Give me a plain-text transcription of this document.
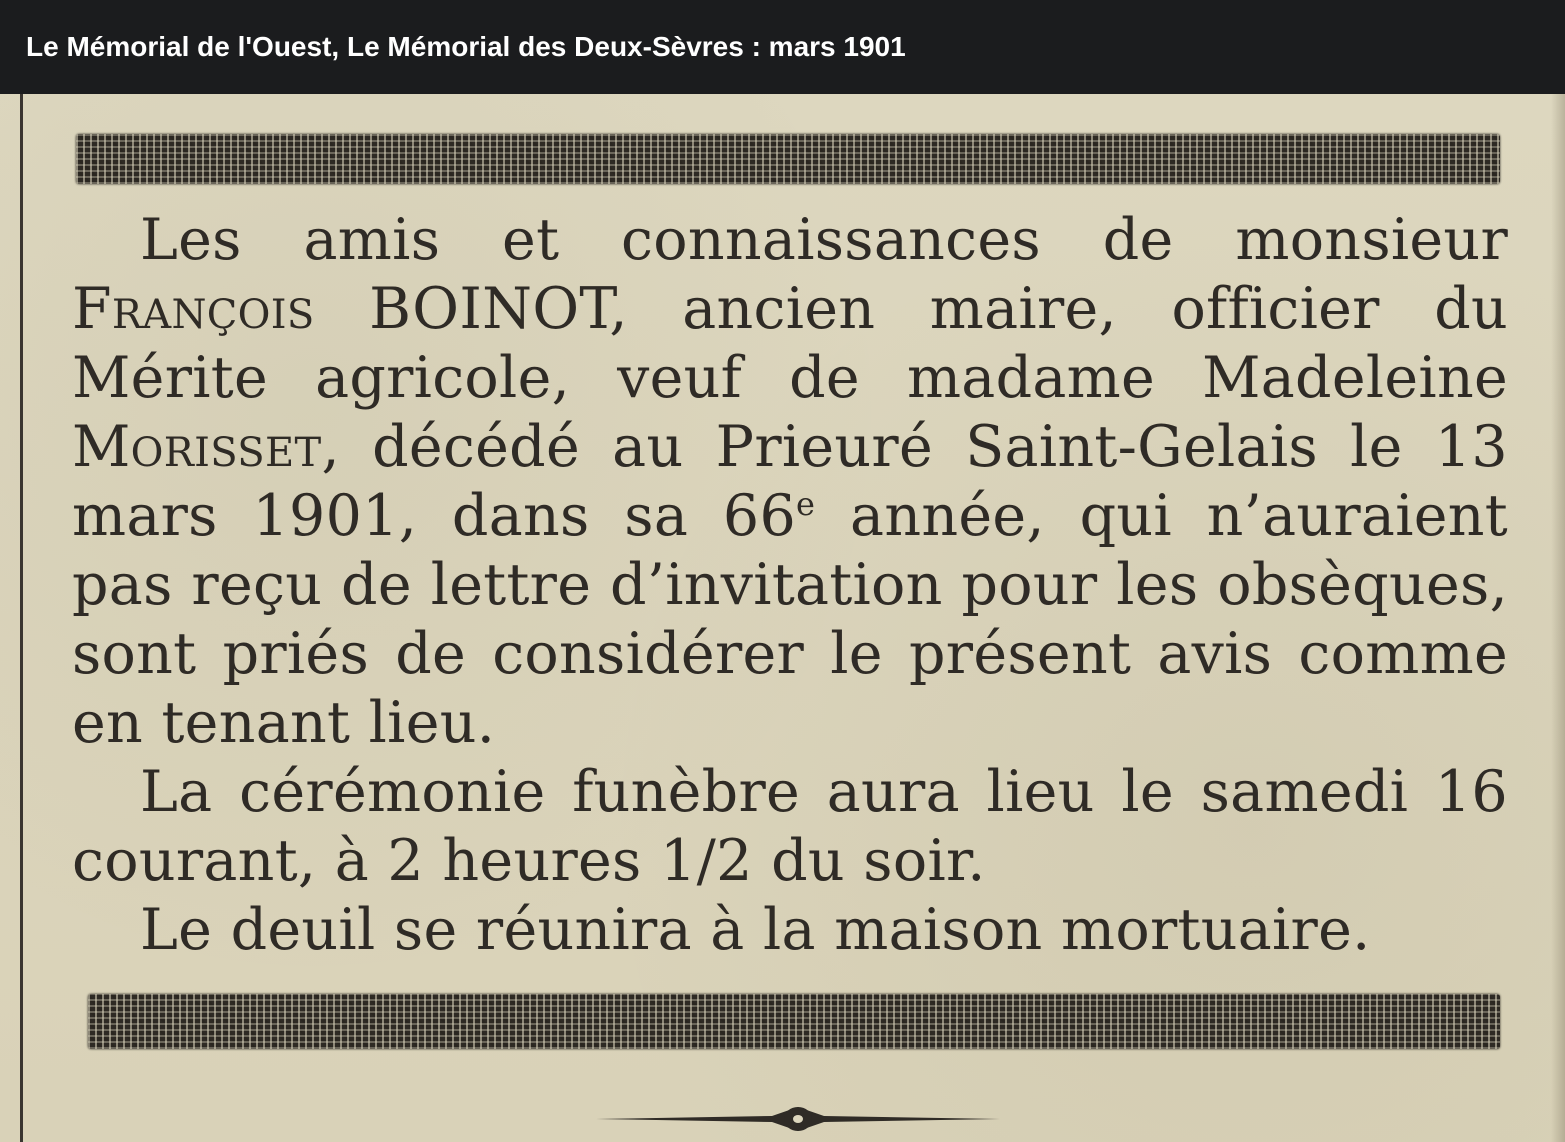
Le Mémorial de l'Ouest, Le Mémorial des Deux-Sèvres : mars 1901

Les amis et connaissances de monsieur François BOINOT, ancien maire, officier du Mérite agricole, veuf de madame Madeleine Morisset, décédé au Prieuré Saint-Gelais le 13 mars 1901, dans sa 66e année, qui n’auraient pas reçu de lettre d’invitation pour les obsèques, sont priés de considérer le présent avis comme en tenant lieu.

La cérémonie funèbre aura lieu le samedi 16 courant, à 2 heures 1/2 du soir.

Le deuil se réunira à la maison mortuaire.
